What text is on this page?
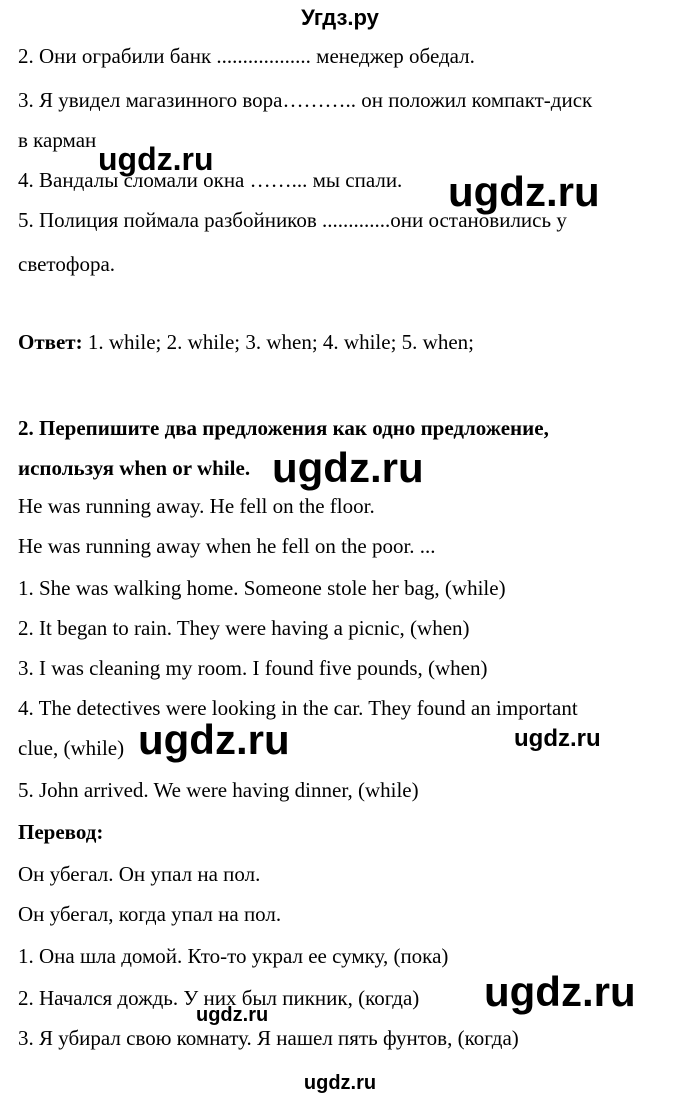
Угдз.ру
2. Они ограбили банк .................. менеджер обедал.
3. Я увидел магазинного вора……….. он положил компакт-диск
в карман
4. Вандалы сломали окна ……... мы спали.
5. Полиция поймала разбойников .............они остановились у
светофора.
Ответ: 1. while; 2. while; 3. when; 4. while; 5. when;
2. Перепишите два предложения как одно предложение,
используя when or while.
He was running away. He fell on the floor.
He was running away when he fell on the poor. ...
1. She was walking home. Someone stole her bag, (while)
2. It began to rain. They were having a picnic, (when)
3. I was cleaning my room. I found five pounds, (when)
4. The detectives were looking in the car. They found an important
clue, (while)
5. John arrived. We were having dinner, (while)
Перевод:
Он убегал. Он упал на пол.
Он убегал, когда упал на пол.
1. Она шла домой. Кто-то украл ее сумку, (пока)
2. Начался дождь. У них был пикник, (когда)
3. Я убирал свою комнату. Я нашел пять фунтов, (когда)
ugdz.ru
ugdz.ru
ugdz.ru
ugdz.ru	ugdz.ru
ugdz.ru
ugdz.ru
ugdz.ru
